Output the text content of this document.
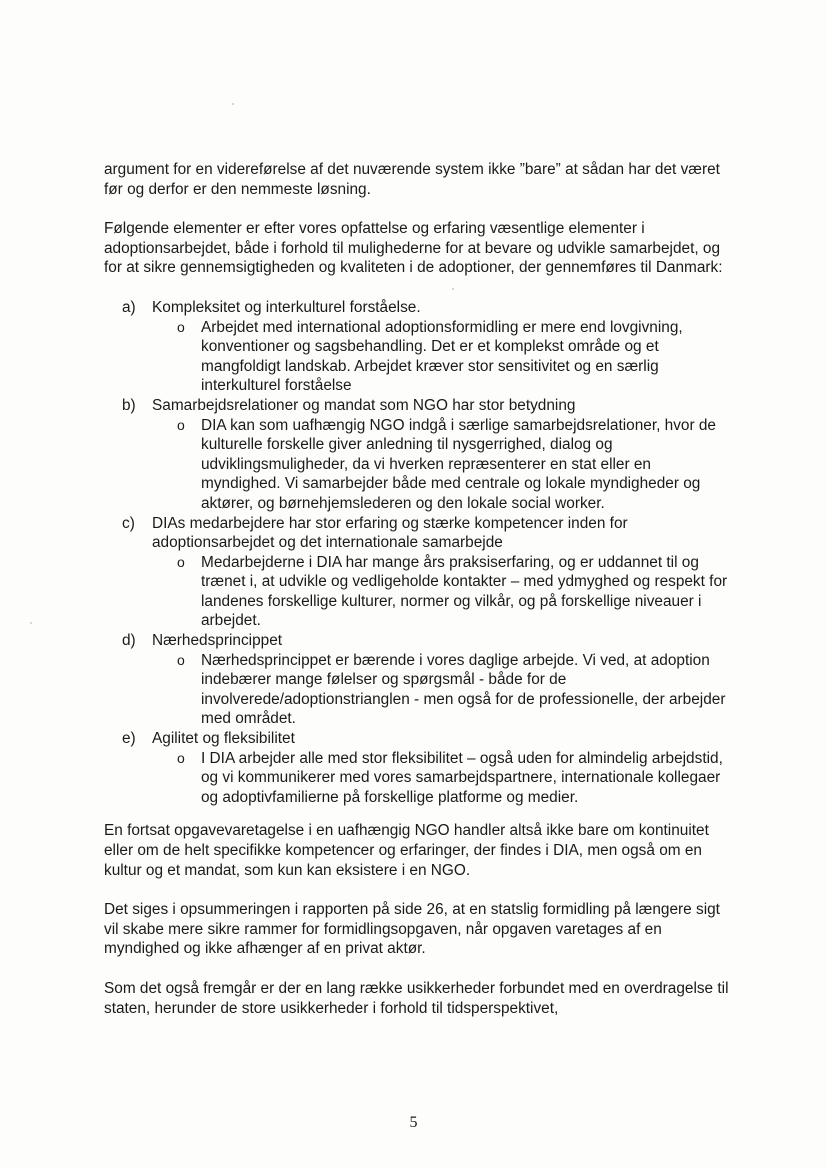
argument for en videreførelse af det nuværende system ikke ”bare” at sådan har det været før og derfor er den nemmeste løsning.

Følgende elementer er efter vores opfattelse og erfaring væsentlige elementer i adoptionsarbejdet, både i forhold til mulighederne for at bevare og udvikle samarbejdet, og for at sikre gennemsigtigheden og kvaliteten i de adoptioner, der gennemføres til Danmark:

a) Kompleksitet og interkulturel forståelse.
o Arbejdet med international adoptionsformidling er mere end lovgivning, konventioner og sagsbehandling. Det er et komplekst område og et mangfoldigt landskab. Arbejdet kræver stor sensitivitet og en særlig interkulturel forståelse
b) Samarbejdsrelationer og mandat som NGO har stor betydning
o DIA kan som uafhængig NGO indgå i særlige samarbejdsrelationer, hvor de kulturelle forskelle giver anledning til nysgerrighed, dialog og udviklingsmuligheder, da vi hverken repræsenterer en stat eller en myndighed. Vi samarbejder både med centrale og lokale myndigheder og aktører, og børnehjemslederen og den lokale social worker.
c) DIAs medarbejdere har stor erfaring og stærke kompetencer inden for adoptionsarbejdet og det internationale samarbejde
o Medarbejderne i DIA har mange års praksiserfaring, og er uddannet til og trænet i, at udvikle og vedligeholde kontakter – med ydmyghed og respekt for landenes forskellige kulturer, normer og vilkår, og på forskellige niveauer i arbejdet.
d) Nærhedsprincippet
o Nærhedsprincippet er bærende i vores daglige arbejde. Vi ved, at adoption indebærer mange følelser og spørgsmål - både for de involverede/adoptionstrianglen - men også for de professionelle, der arbejder med området.
e) Agilitet og fleksibilitet
o I DIA arbejder alle med stor fleksibilitet – også uden for almindelig arbejdstid, og vi kommunikerer med vores samarbejdspartnere, internationale kollegaer og adoptivfamilierne på forskellige platforme og medier.

En fortsat opgavevaretagelse i en uafhængig NGO handler altså ikke bare om kontinuitet eller om de helt specifikke kompetencer og erfaringer, der findes i DIA, men også om en kultur og et mandat, som kun kan eksistere i en NGO.

Det siges i opsummeringen i rapporten på side 26, at en statslig formidling på længere sigt vil skabe mere sikre rammer for formidlingsopgaven, når opgaven varetages af en myndighed og ikke afhænger af en privat aktør.

Som det også fremgår er der en lang række usikkerheder forbundet med en overdragelse til staten, herunder de store usikkerheder i forhold til tidsperspektivet,

5
